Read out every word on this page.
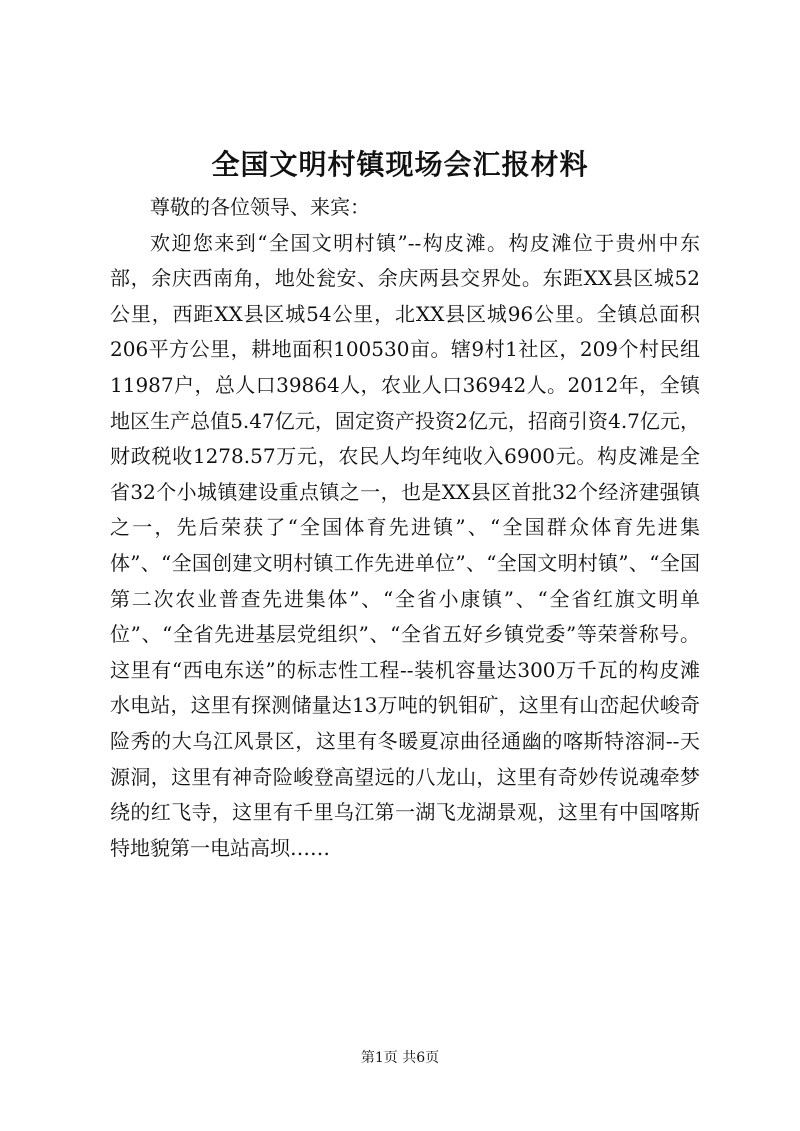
全国文明村镇现场会汇报材料

尊敬的各位领导、来宾：

欢迎您来到“全国文明村镇”--构皮滩。构皮滩位于贵州中东部，余庆西南角，地处瓮安、余庆两县交界处。东距XX县区城52公里，西距XX县区城54公里，北XX县区城96公里。全镇总面积206平方公里，耕地面积100530亩。辖9村1社区，209个村民组11987户，总人口39864人，农业人口36942人。2012年，全镇地区生产总值5.47亿元，固定资产投资2亿元，招商引资4.7亿元，财政税收1278.57万元，农民人均年纯收入6900元。构皮滩是全省32个小城镇建设重点镇之一，也是XX县区首批32个经济建强镇之一，先后荣获了“全国体育先进镇”、“全国群众体育先进集体”、“全国创建文明村镇工作先进单位”、“全国文明村镇”、“全国第二次农业普查先进集体”、“全省小康镇”、“全省红旗文明单位”、“全省先进基层党组织”、“全省五好乡镇党委”等荣誉称号。这里有“西电东送”的标志性工程--装机容量达300万千瓦的构皮滩水电站，这里有探测储量达13万吨的钒钼矿，这里有山峦起伏峻奇险秀的大乌江风景区，这里有冬暖夏凉曲径通幽的喀斯特溶洞--天源洞，这里有神奇险峻登高望远的八龙山，这里有奇妙传说魂牵梦绕的红飞寺，这里有千里乌江第一湖飞龙湖景观，这里有中国喀斯特地貌第一电站高坝……

第1页 共6页
